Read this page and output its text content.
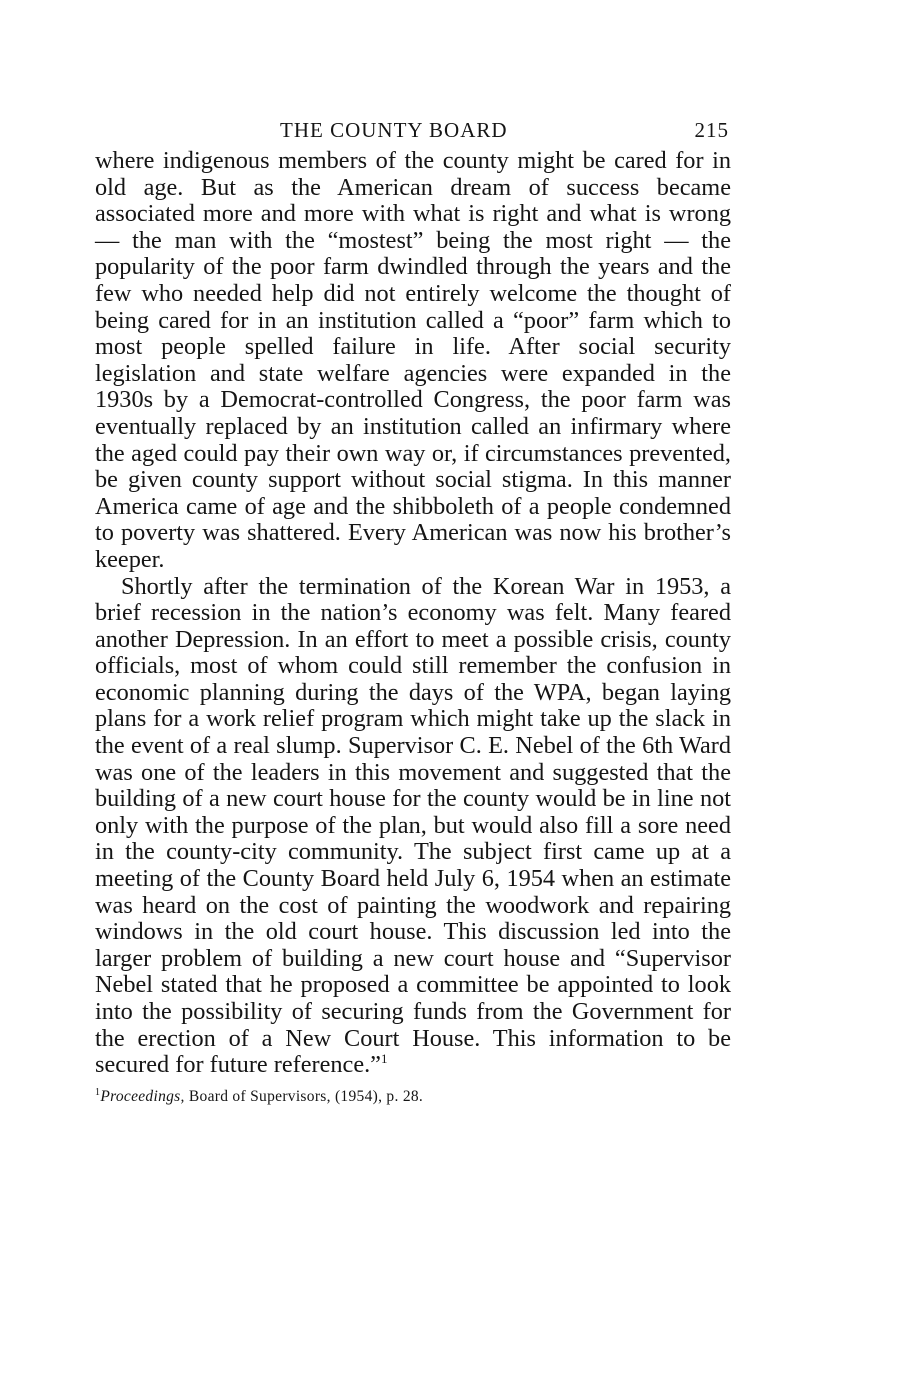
THE COUNTY BOARD	215

where indigenous members of the county might be cared for in old age. But as the American dream of success became associated more and more with what is right and what is wrong — the man with the “mostest” being the most right — the popularity of the poor farm dwindled through the years and the few who needed help did not entirely welcome the thought of being cared for in an institution called a “poor” farm which to most people spelled failure in life. After social security legislation and state welfare agencies were expanded in the 1930s by a Democrat-controlled Congress, the poor farm was eventually replaced by an institution called an infirmary where the aged could pay their own way or, if circumstances prevented, be given county support without social stigma. In this manner America came of age and the shibboleth of a people condemned to poverty was shattered. Every American was now his brother’s keeper.

Shortly after the termination of the Korean War in 1953, a brief recession in the nation’s economy was felt. Many feared another Depression. In an effort to meet a possible crisis, county officials, most of whom could still remember the confusion in economic planning during the days of the WPA, began laying plans for a work relief program which might take up the slack in the event of a real slump. Supervisor C. E. Nebel of the 6th Ward was one of the leaders in this movement and suggested that the building of a new court house for the county would be in line not only with the purpose of the plan, but would also fill a sore need in the county-city community. The subject first came up at a meeting of the County Board held July 6, 1954 when an estimate was heard on the cost of painting the woodwork and repairing windows in the old court house. This discussion led into the larger problem of building a new court house and “Supervisor Nebel stated that he proposed a committee be appointed to look into the possibility of securing funds from the Government for the erection of a New Court House. This information to be secured for future reference.”$^1$

$^1$Proceedings, Board of Supervisors, (1954), p. 28.
